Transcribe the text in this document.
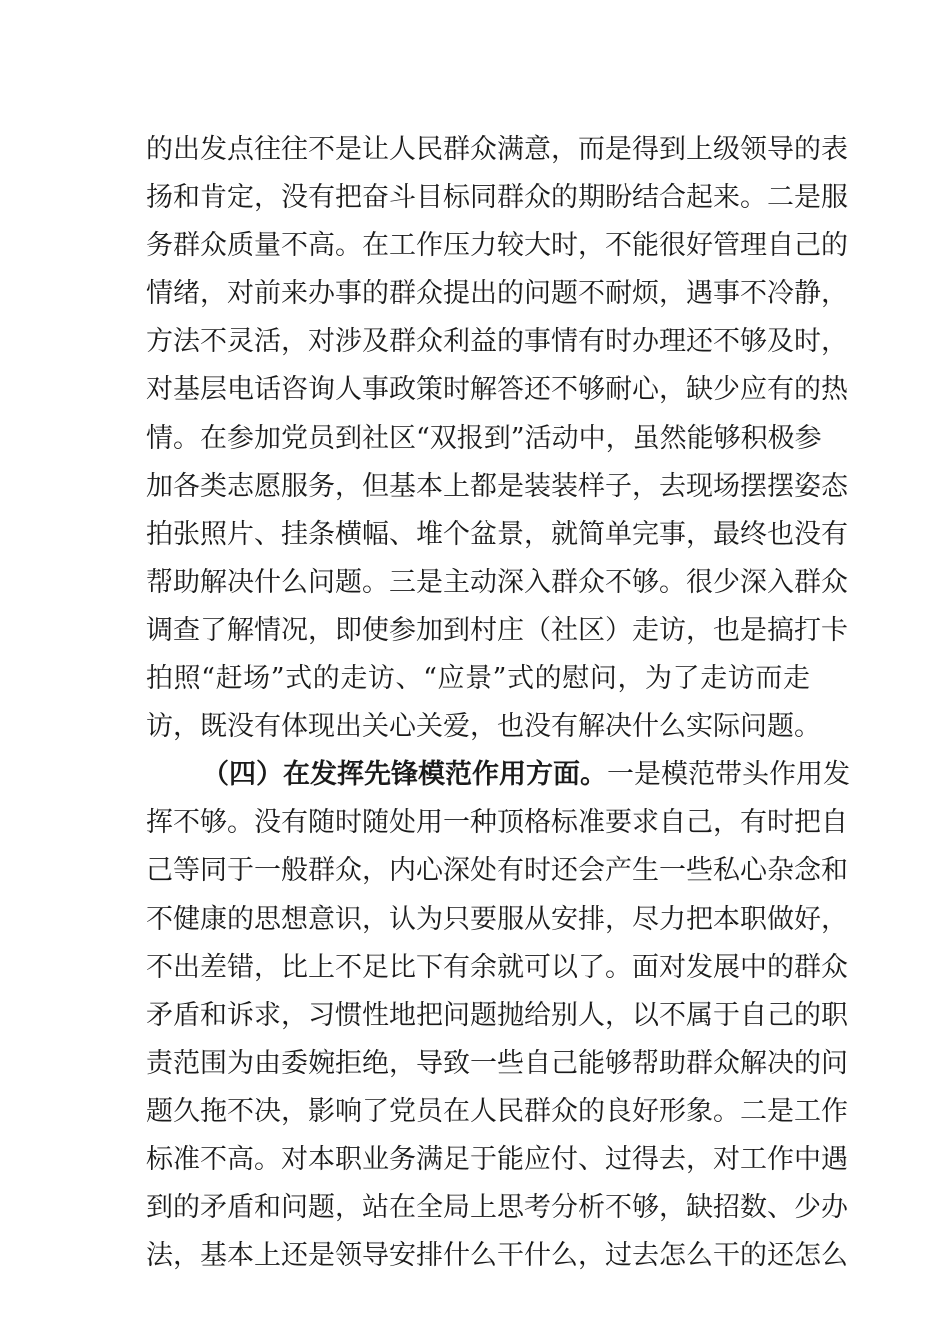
的出发点往往不是让人民群众满意，而是得到上级领导的表
扬和肯定，没有把奋斗目标同群众的期盼结合起来。二是服
务群众质量不高。在工作压力较大时，不能很好管理自己的
情绪，对前来办事的群众提出的问题不耐烦，遇事不冷静，
方法不灵活，对涉及群众利益的事情有时办理还不够及时，
对基层电话咨询人事政策时解答还不够耐心，缺少应有的热
情。在参加党员到社区“双报到”活动中，虽然能够积极参
加各类志愿服务，但基本上都是装装样子，去现场摆摆姿态
拍张照片、挂条横幅、堆个盆景，就简单完事，最终也没有
帮助解决什么问题。三是主动深入群众不够。很少深入群众
调查了解情况，即使参加到村庄（社区）走访，也是搞打卡
拍照“赶场”式的走访、“应景”式的慰问，为了走访而走
访，既没有体现出关心关爱，也没有解决什么实际问题。
（四）在发挥先锋模范作用方面。一是模范带头作用发
挥不够。没有随时随处用一种顶格标准要求自己，有时把自
己等同于一般群众，内心深处有时还会产生一些私心杂念和
不健康的思想意识，认为只要服从安排，尽力把本职做好，
不出差错，比上不足比下有余就可以了。面对发展中的群众
矛盾和诉求，习惯性地把问题抛给别人，以不属于自己的职
责范围为由委婉拒绝，导致一些自己能够帮助群众解决的问
题久拖不决，影响了党员在人民群众的良好形象。二是工作
标准不高。对本职业务满足于能应付、过得去，对工作中遇
到的矛盾和问题，站在全局上思考分析不够，缺招数、少办
法，基本上还是领导安排什么干什么，过去怎么干的还怎么
